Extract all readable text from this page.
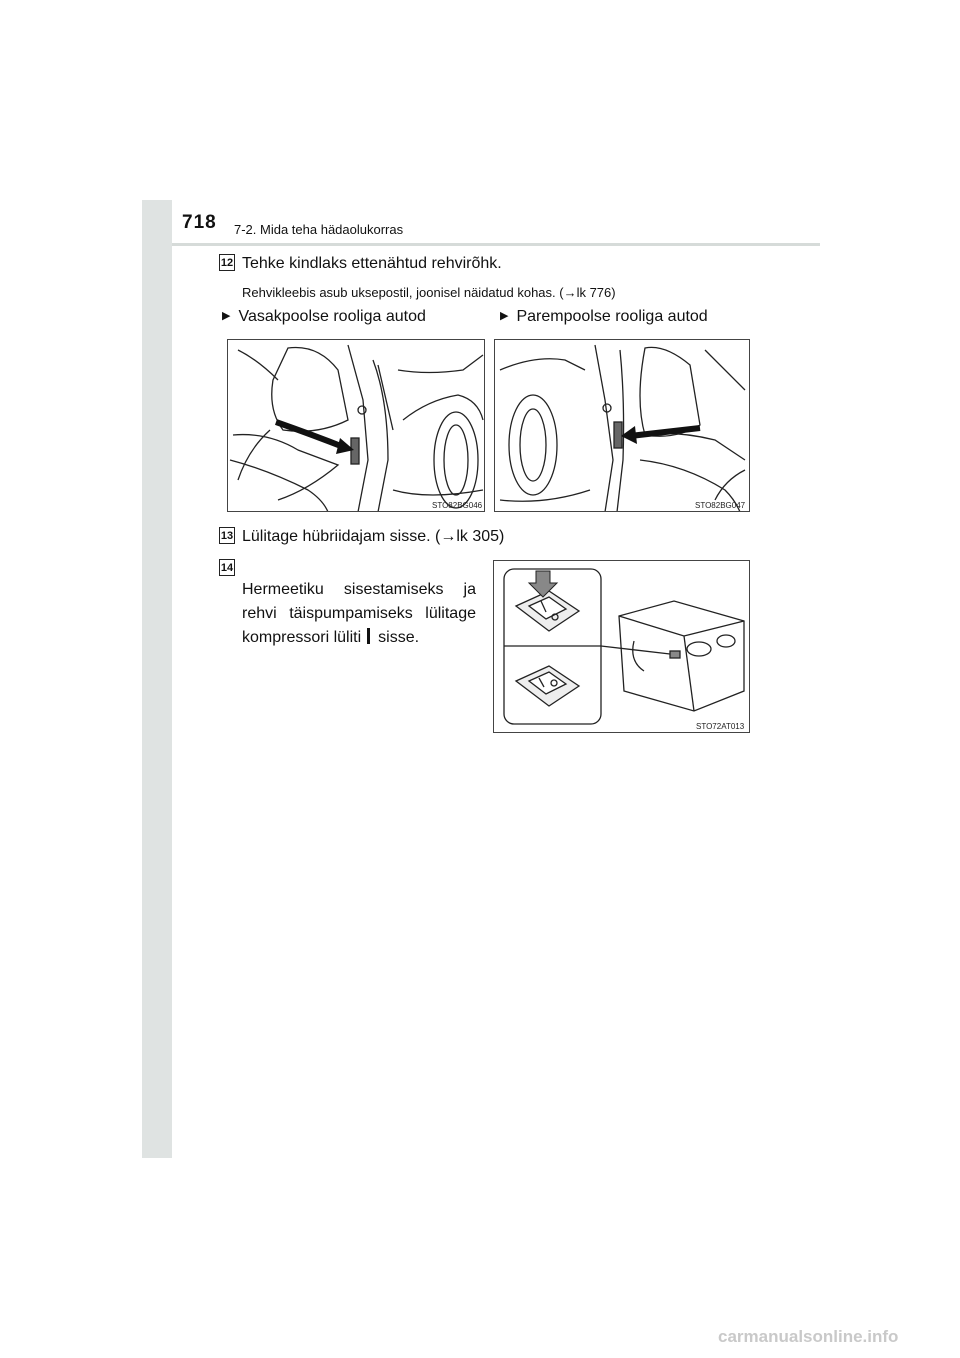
718 7-2. Mida teha hädaolukorras
12 Tehke kindlaks ettenähtud rehvirõhk.
Rehvikleebis asub uksepostil, joonisel näidatud kohas. (→lk 776)
▶ Vasakpoolse rooliga autod	▶ Parempoolse rooliga autod
STO82BG046	STO82BG047
13 Lülitage hübriidajam sisse. (→lk 305)
14
Hermeetiku sisestamiseks ja
rehvi täispumpamiseks lülitage
kompressori lüliti sisse.
STO72AT013
carmanualsonline.info
